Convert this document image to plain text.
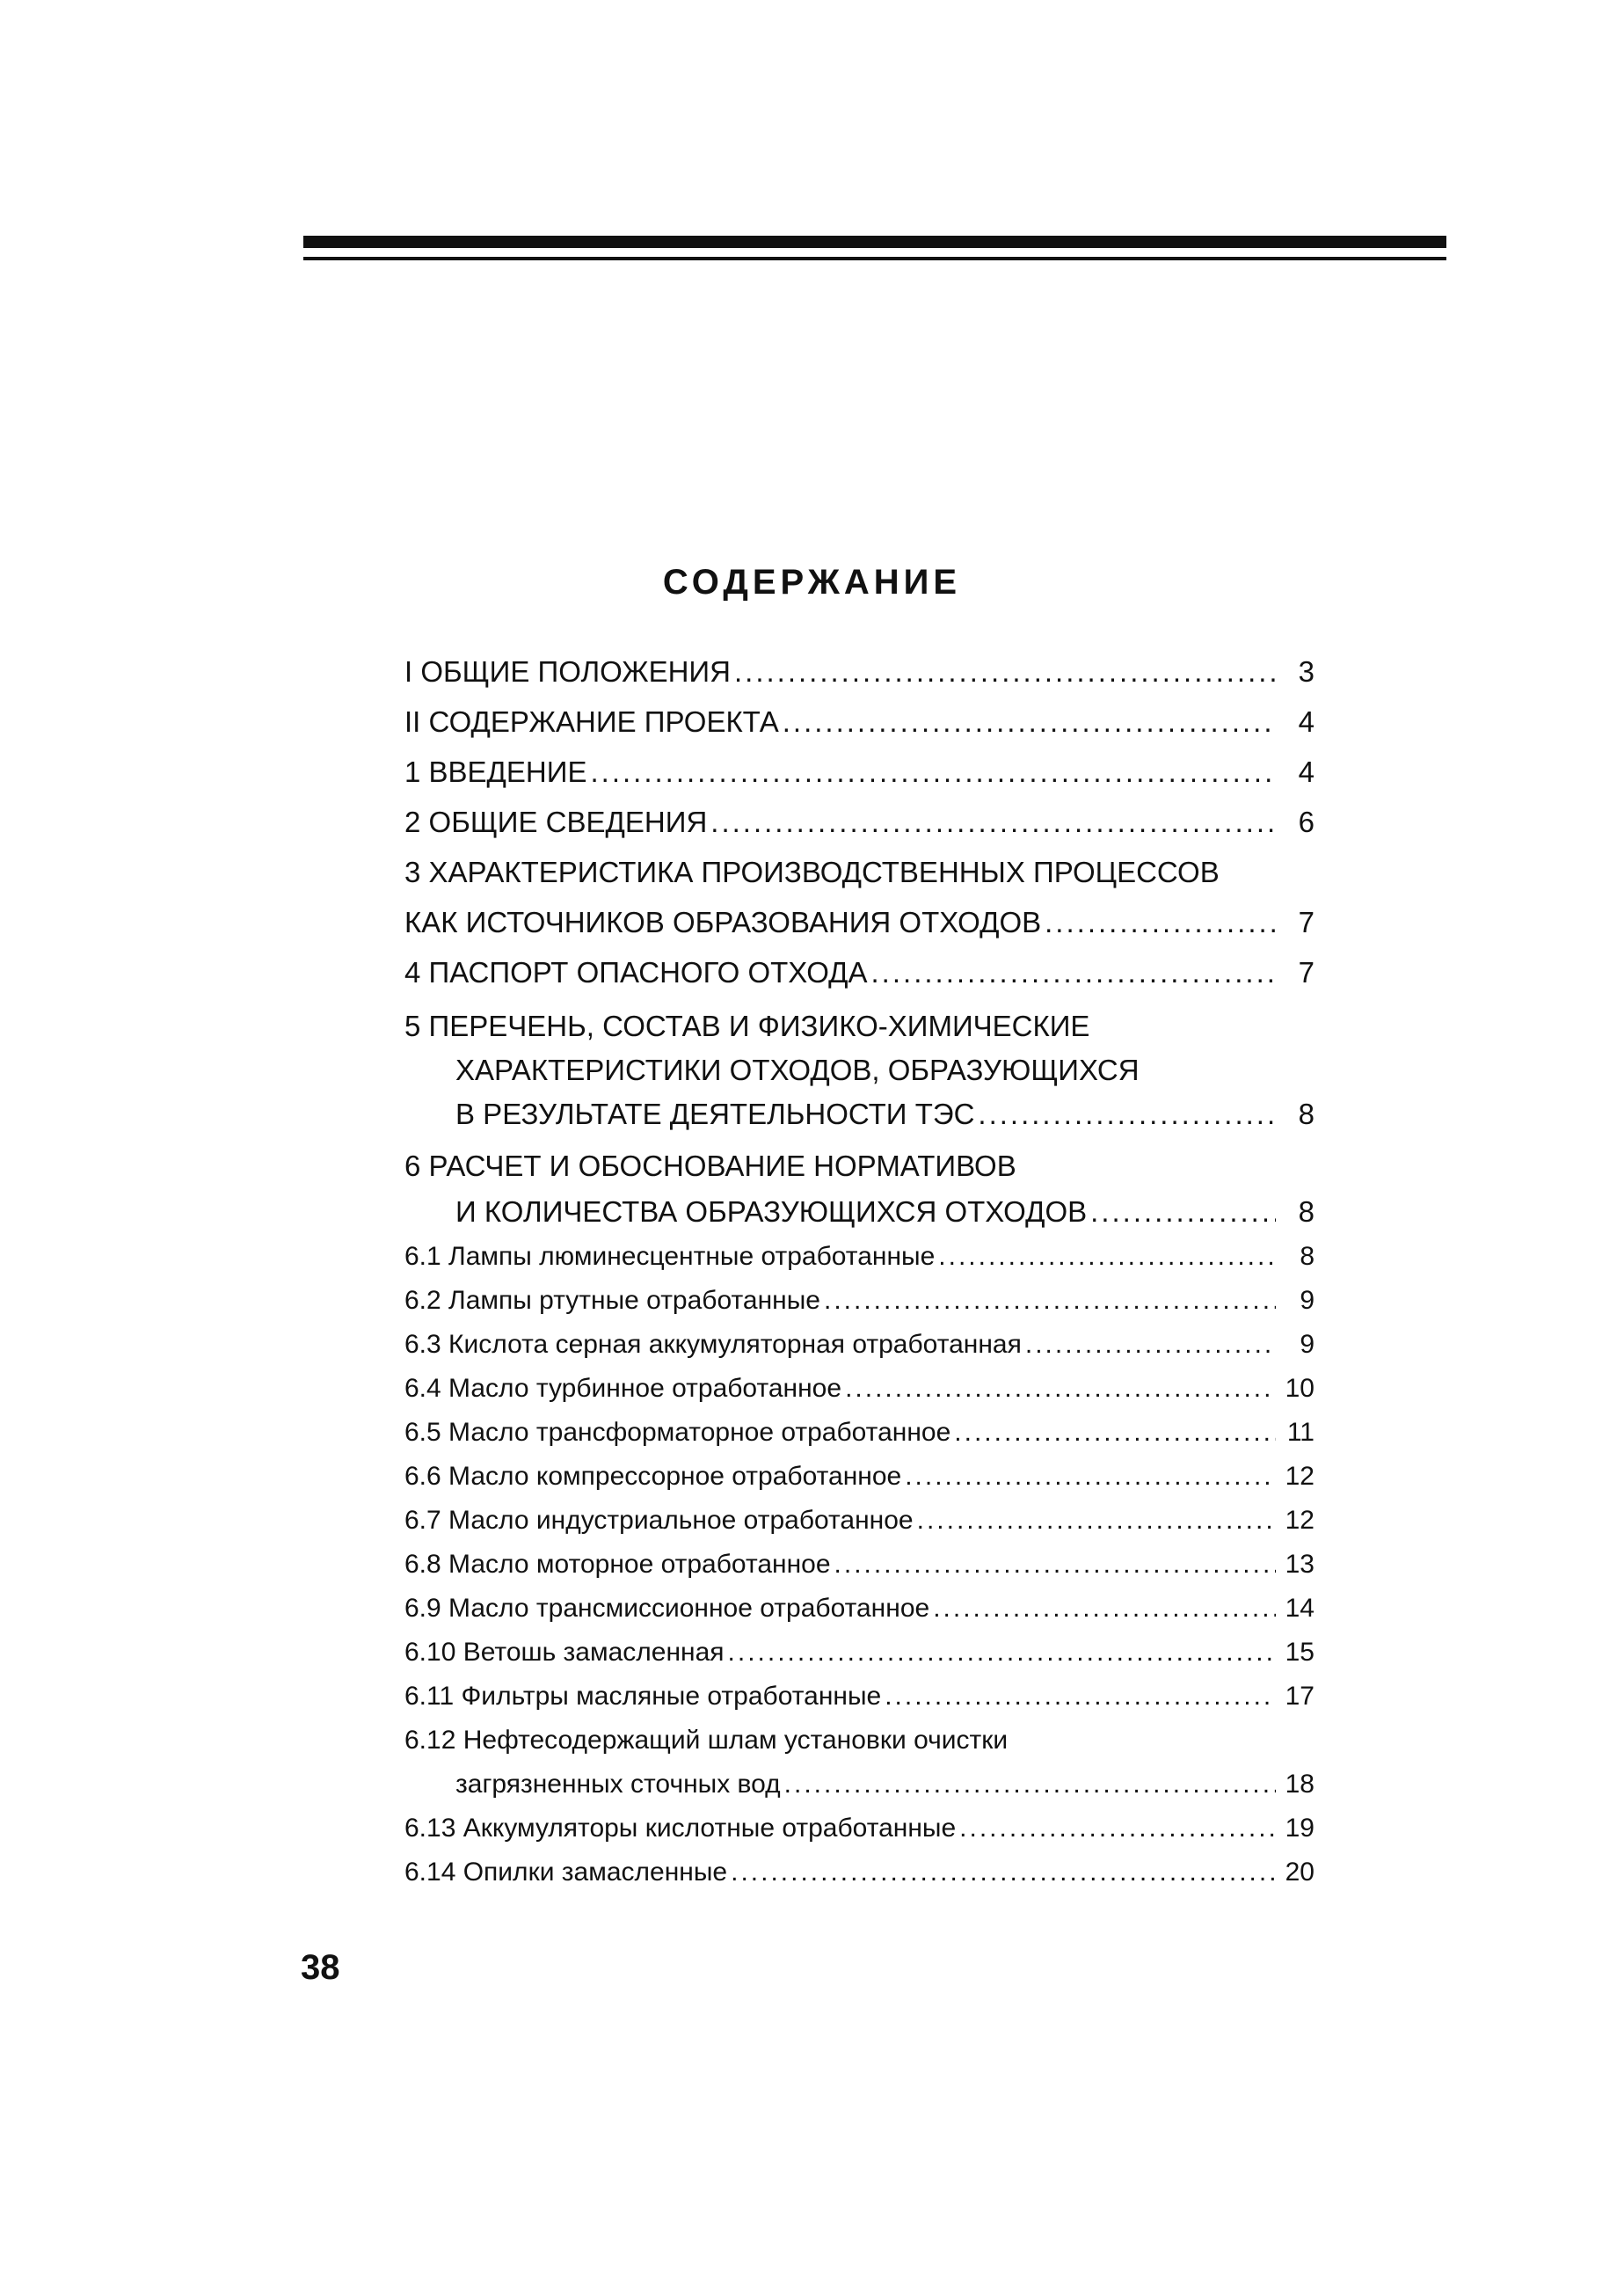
СОДЕРЖАНИЕ
I ОБЩИЕ ПОЛОЖЕНИЯ .....	3
II СОДЕРЖАНИЕ ПРОЕКТА .....	4
1 ВВЕДЕНИЕ .....	4
2 ОБЩИЕ СВЕДЕНИЯ .....	6
3 ХАРАКТЕРИСТИКА ПРОИЗВОДСТВЕННЫХ ПРОЦЕССОВ
КАК ИСТОЧНИКОВ ОБРАЗОВАНИЯ ОТХОДОВ .....	7
4 ПАСПОРТ ОПАСНОГО ОТХОДА .....	7
5 ПЕРЕЧЕНЬ, СОСТАВ И ФИЗИКО-ХИМИЧЕСКИЕ
ХАРАКТЕРИСТИКИ ОТХОДОВ, ОБРАЗУЮЩИХСЯ
В РЕЗУЛЬТАТЕ ДЕЯТЕЛЬНОСТИ ТЭС .....	8
6 РАСЧЕТ И ОБОСНОВАНИЕ НОРМАТИВОВ
И КОЛИЧЕСТВА ОБРАЗУЮЩИХСЯ ОТХОДОВ .....	8
6.1 Лампы люминесцентные отработанные .....	8
6.2 Лампы ртутные отработанные .....	9
6.3 Кислота серная аккумуляторная отработанная .....	9
6.4 Масло турбинное отработанное .....	10
6.5 Масло трансформаторное отработанное .....	11
6.6 Масло компрессорное отработанное .....	12
6.7 Масло индустриальное отработанное .....	12
6.8 Масло моторное отработанное .....	13
6.9 Масло трансмиссионное отработанное .....	14
6.10 Ветошь замасленная .....	15
6.11 Фильтры масляные отработанные .....	17
6.12 Нефтесодержащий шлам установки очистки
загрязненных сточных вод .....	18
6.13 Аккумуляторы кислотные отработанные .....	19
6.14 Опилки замасленные .....	20
38
